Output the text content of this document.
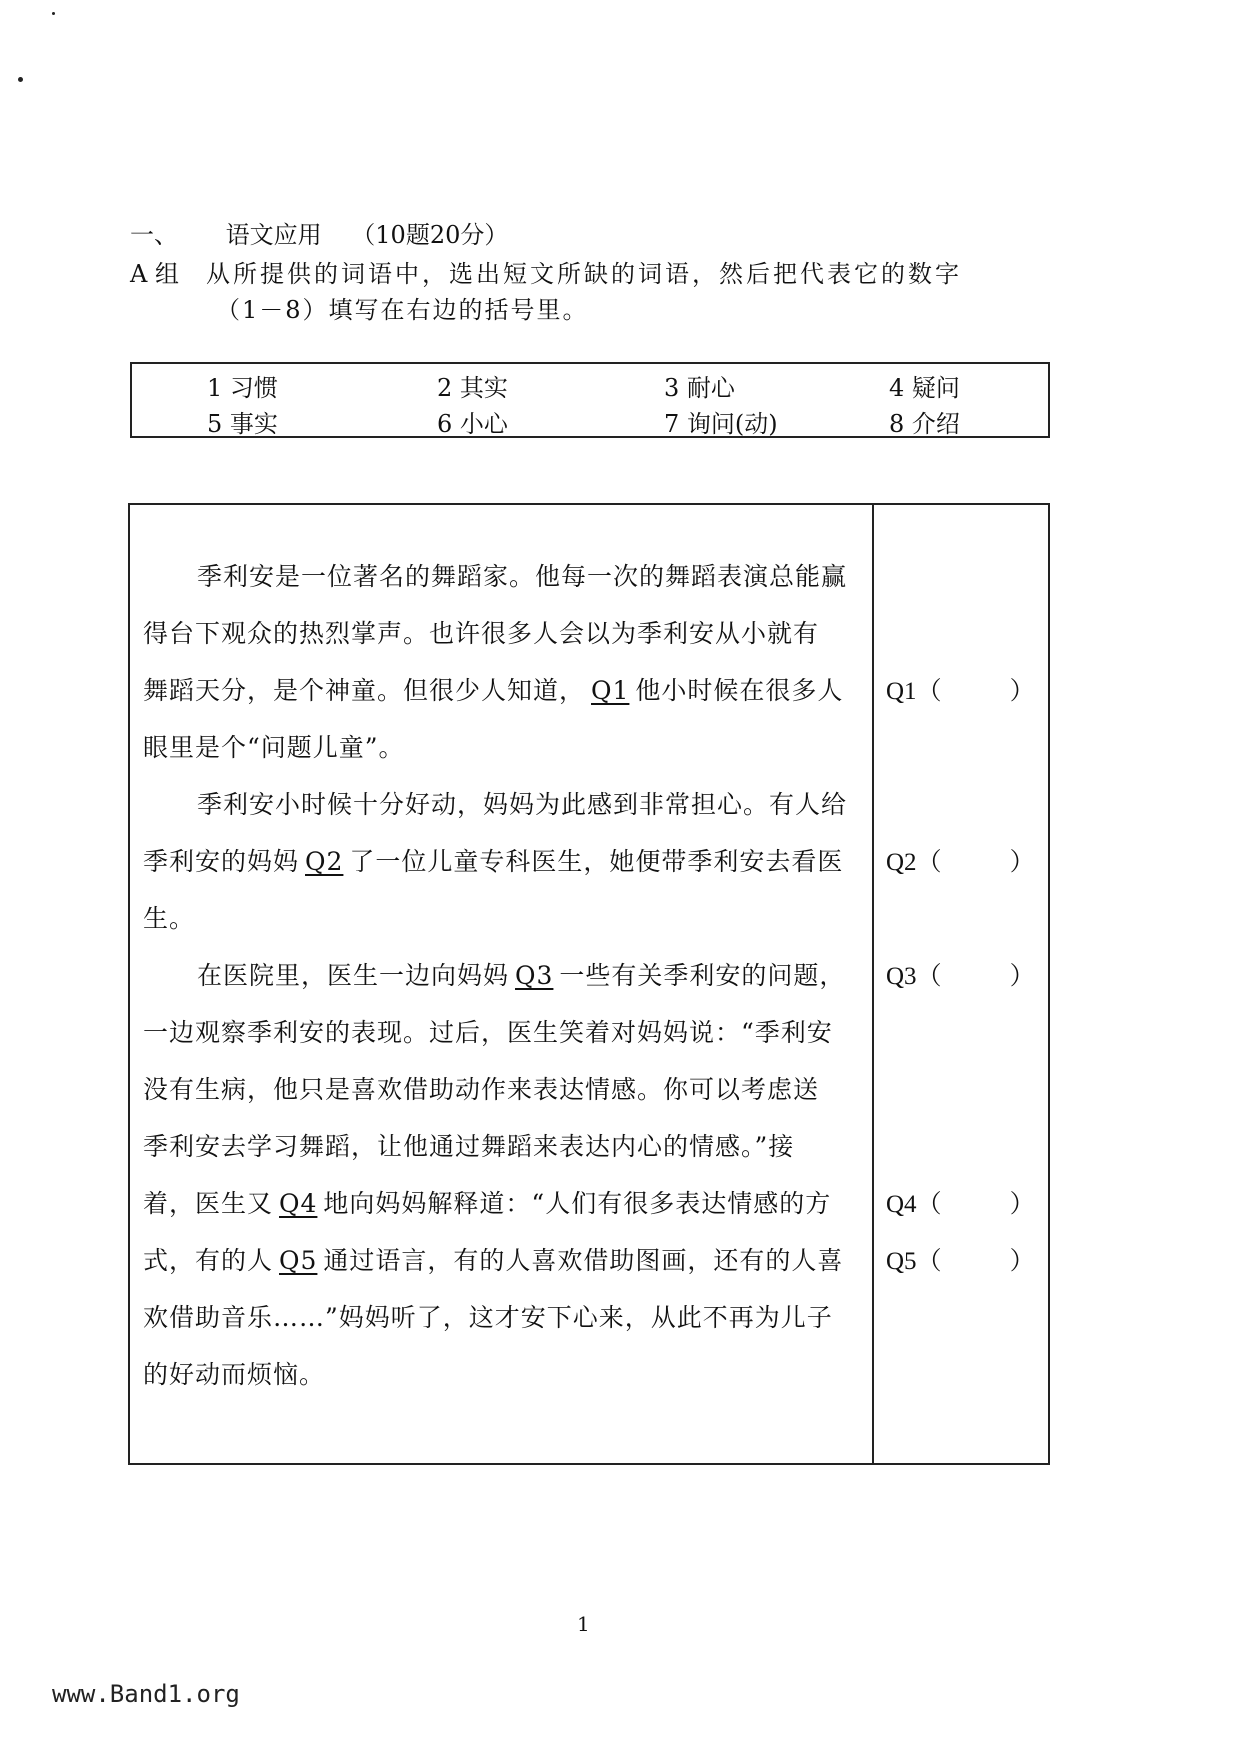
一、 语文应用 （10题20分）
A 组 从所提供的词语中，选出短文所缺的词语，然后把代表它的数字
（1－8）填写在右边的括号里。
1 习惯	2 其实	3 耐心	4 疑问
5 事实	6 小心	7 询问(动)	8 介绍
季利安是一位著名的舞蹈家。他每一次的舞蹈表演总能赢
得台下观众的热烈掌声。也许很多人会以为季利安从小就有
舞蹈天分，是个神童。但很少人知道， Q1 他小时候在很多人
眼里是个“问题儿童”。
季利安小时候十分好动，妈妈为此感到非常担心。有人给
季利安的妈妈 Q2 了一位儿童专科医生，她便带季利安去看医
生。
在医院里，医生一边向妈妈 Q3 一些有关季利安的问题，
一边观察季利安的表现。过后，医生笑着对妈妈说：“季利安
没有生病，他只是喜欢借助动作来表达情感。你可以考虑送
季利安去学习舞蹈，让他通过舞蹈来表达内心的情感。”接
着，医生又 Q4 地向妈妈解释道：“人们有很多表达情感的方
式，有的人 Q5 通过语言，有的人喜欢借助图画，还有的人喜
欢借助音乐……”妈妈听了，这才安下心来，从此不再为儿子
的好动而烦恼。
Q1（	）
Q2（	）
Q3（	）
Q4（	）
Q5（	）
1
www.Band1.org
